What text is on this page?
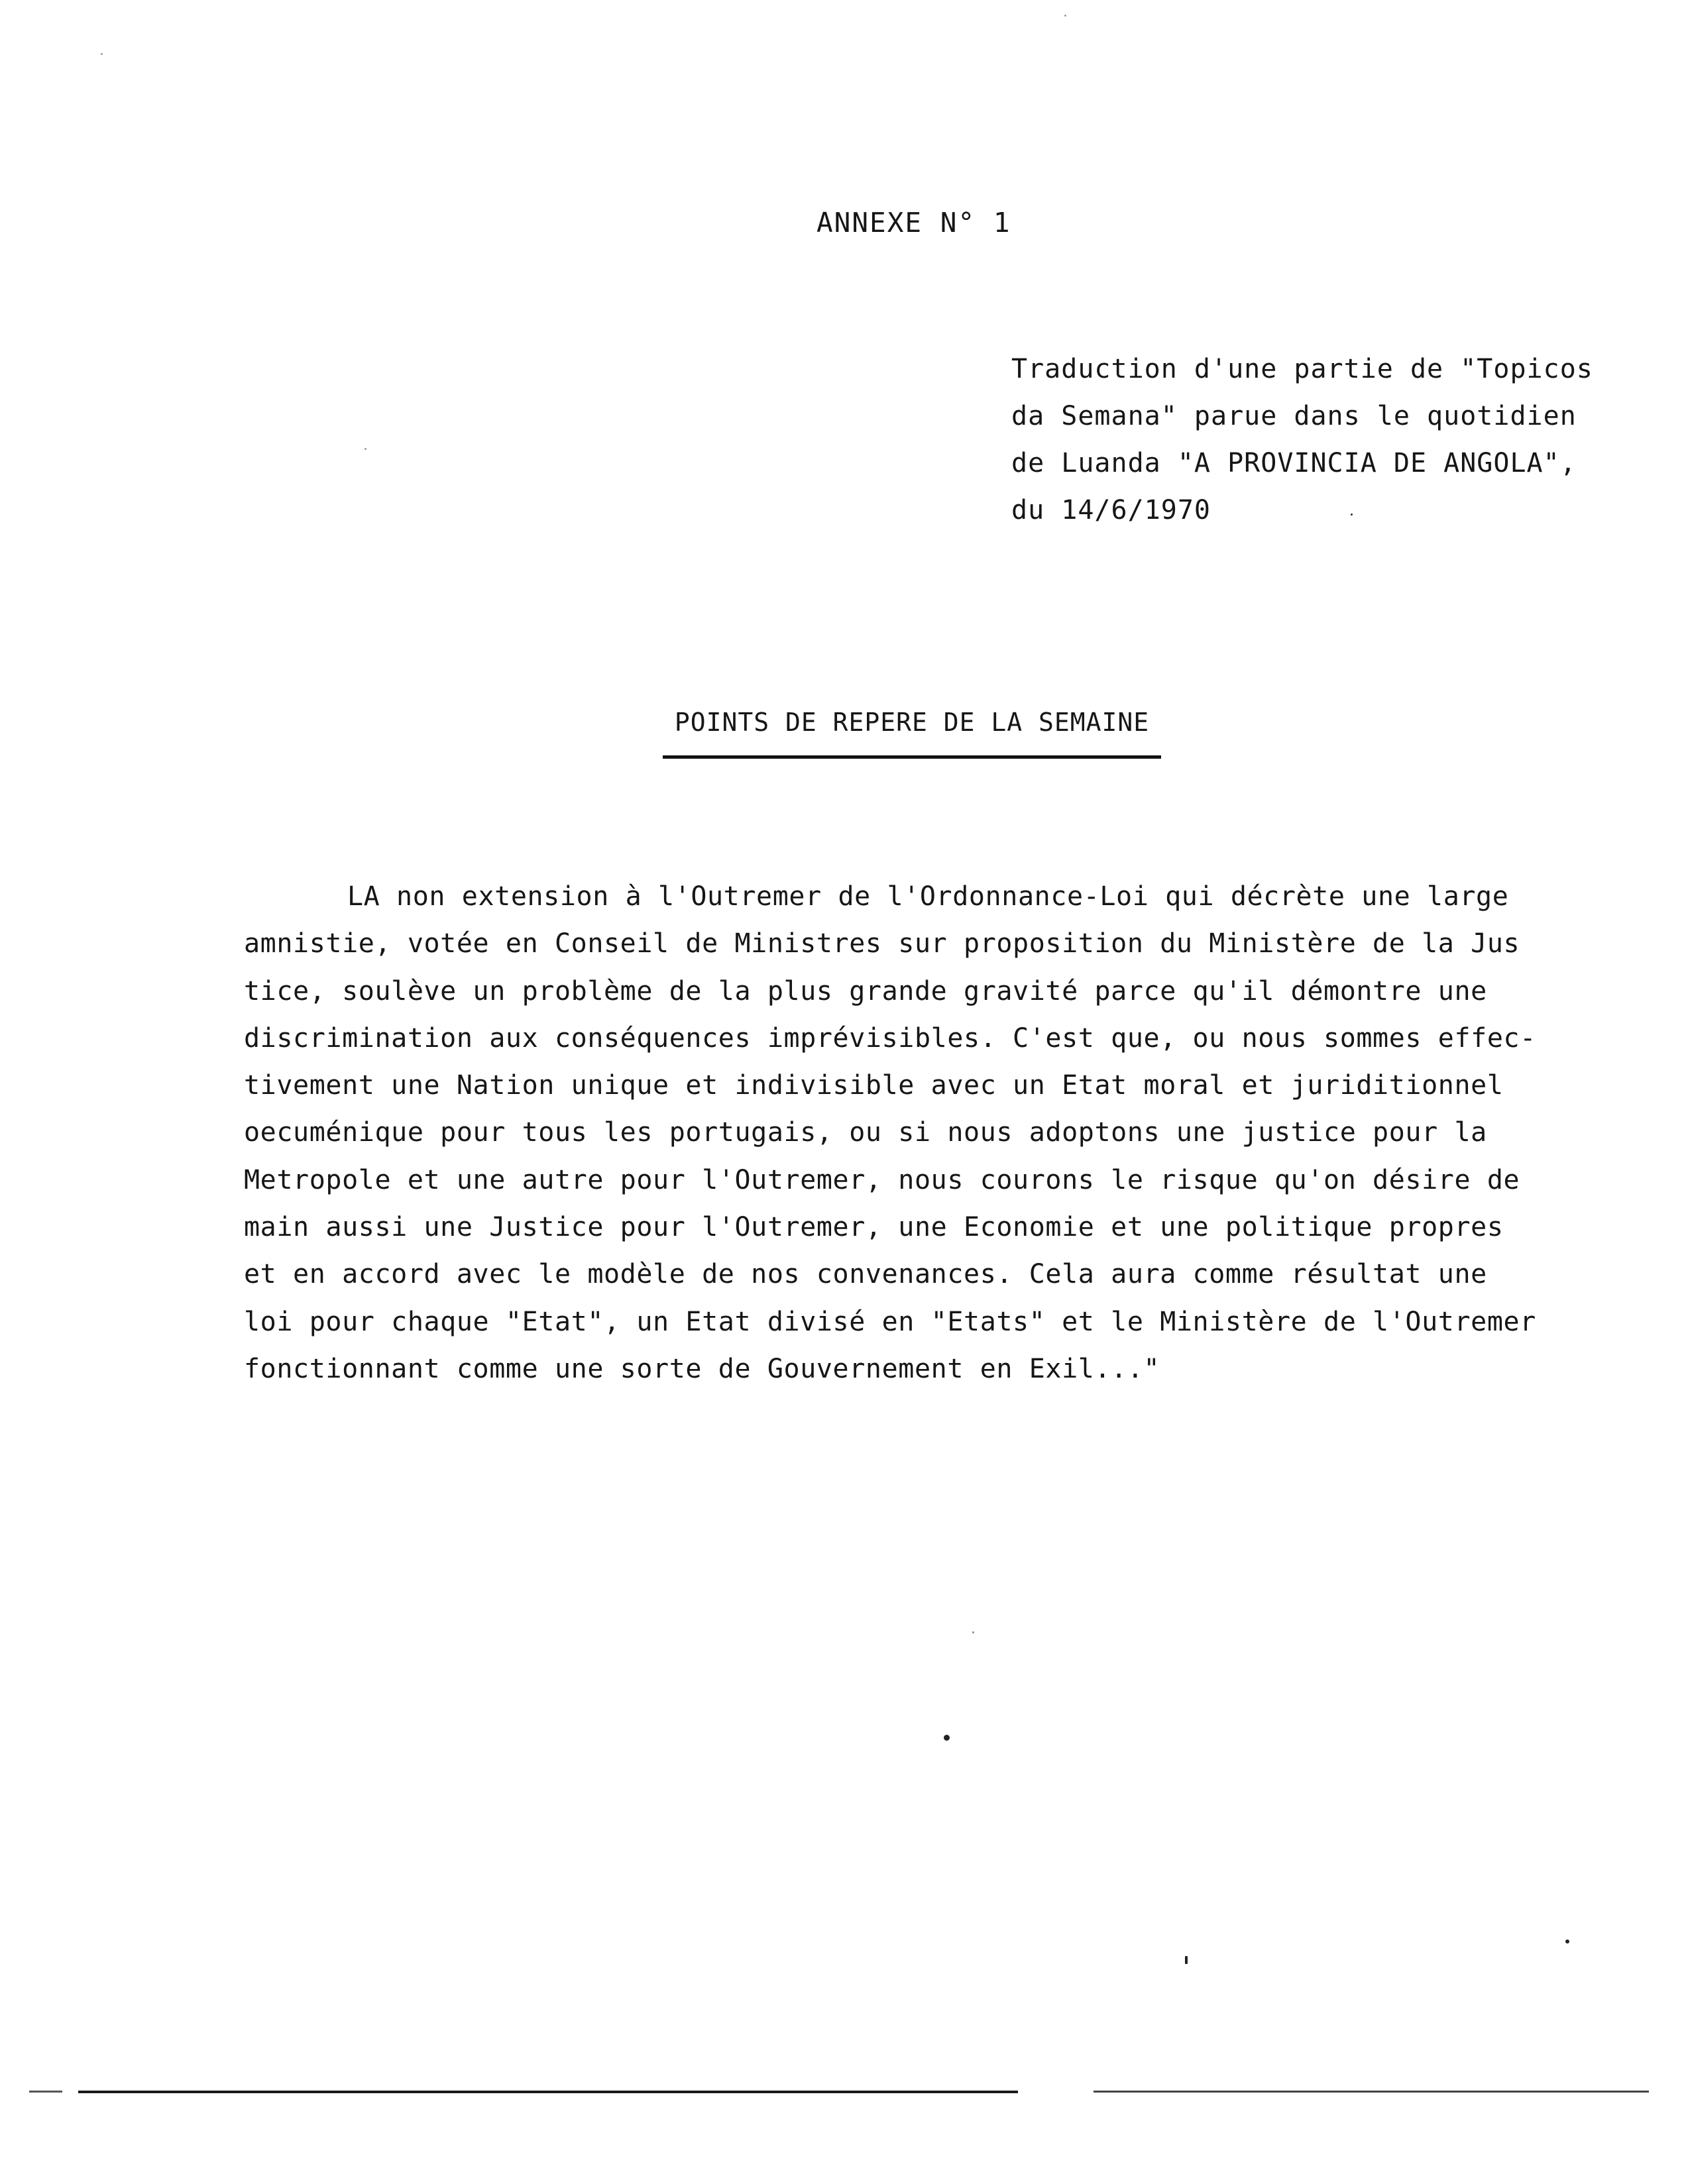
ANNEXE N° 1
Traduction d'une partie de "Topicos
da Semana" parue dans le quotidien
de Luanda "A PROVINCIA DE ANGOLA",
du 14/6/1970
POINTS DE REPERE DE LA SEMAINE
LA non extension à l'Outremer de l'Ordonnance-Loi qui décrète une large
amnistie, votée en Conseil de Ministres sur proposition du Ministère de la Jus
tice, soulève un problème de la plus grande gravité parce qu'il démontre une
discrimination aux conséquences imprévisibles. C'est que, ou nous sommes effec-
tivement une Nation unique et indivisible avec un Etat moral et juriditionnel
oecuménique pour tous les portugais, ou si nous adoptons une justice pour la
Metropole et une autre pour l'Outremer, nous courons le risque qu'on désire de
main aussi une Justice pour l'Outremer, une Economie et une politique propres
et en accord avec le modèle de nos convenances. Cela aura comme résultat une
loi pour chaque "Etat", un Etat divisé en "Etats" et le Ministère de l'Outremer
fonctionnant comme une sorte de Gouvernement en Exil..."
